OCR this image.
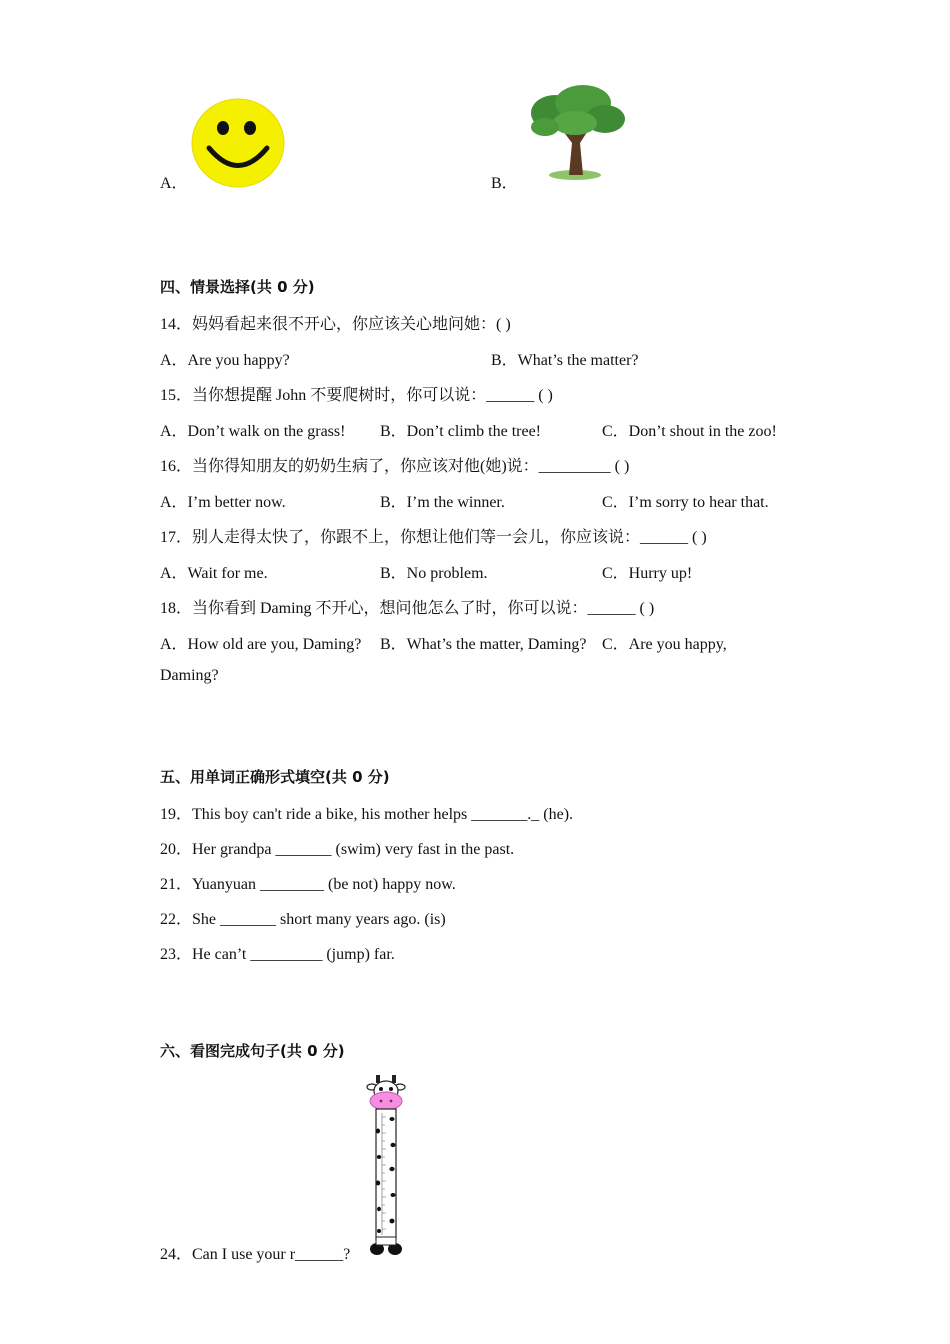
A．	B．
四、情景选择(共 0 分)
14．妈妈看起来很不开心，你应该关心地问她：( )
A．Are you happy?	B．What’s the matter?
15．当你想提醒 John 不要爬树时，你可以说：______ ( )
A．Don’t walk on the grass! B．Don’t climb the tree!	C．Don’t shout in the zoo!
16．当你得知朋友的奶奶生病了，你应该对他(她)说：_________ ( )
A．I’m better now.	B．I’m the winner.	C．I’m sorry to hear that.
17．别人走得太快了，你跟不上，你想让他们等一会儿，你应该说：______ ( )
A．Wait for me.	B．No problem.	C．Hurry up!
18．当你看到 Daming 不开心，想问他怎么了时，你可以说：______ ( )
A．How old are you, Daming? B．What’s the matter, Daming? C．Are you happy,
Daming?
五、用单词正确形式填空(共 0 分)
19．This boy can't ride a bike, his mother helps _______._ (he).
20．Her grandpa _______ (swim) very fast in the past.
21．Yuanyuan ________ (be not) happy now.
22．She _______ short many years ago. (is)
23．He can’t _________ (jump) far.
六、看图完成句子(共 0 分)
24．Can I use your r______?
